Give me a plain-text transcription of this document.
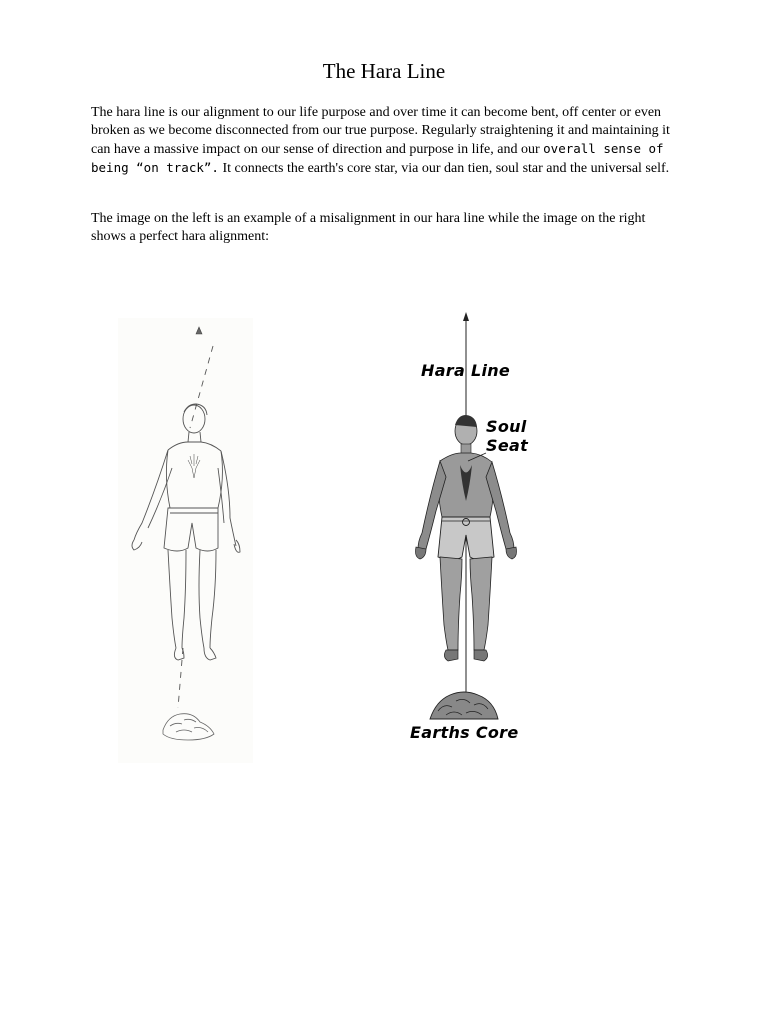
The Hara Line

The hara line is our alignment to our life purpose and over time it can become bent, off center or even broken as we become disconnected from our true purpose. Regularly straightening it and maintaining it can have a massive impact on our sense of direction and purpose in life, and our overall sense of being “on track”. It connects the earth's core star, via our dan tien, soul star and the universal self.

The image on the left is an example of a misalignment in our hara line while the image on the right shows a perfect hara alignment:

Hara Line
Soul
Seat
Earths Core
